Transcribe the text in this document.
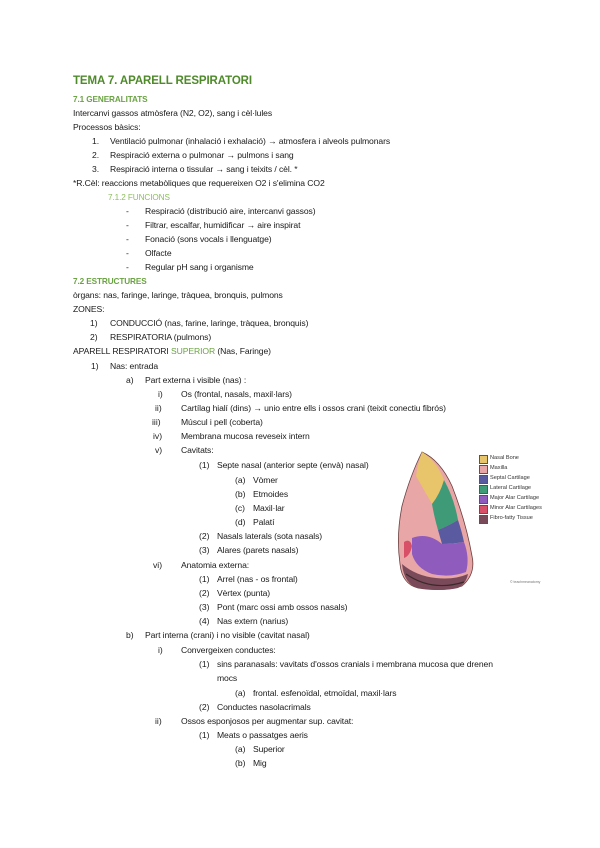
TEMA 7. APARELL RESPIRATORI
7.1 GENERALITATS
Intercanvi gassos atmòsfera (N2, O2), sang i cèl·lules
Processos bàsics:
1. Ventilació pulmonar (inhalació i exhalació) → atmosfera i alveols pulmonars
2. Respiració externa o pulmonar → pulmons i sang
3. Respiració interna o tissular → sang i teixits / cèl. *
*R.Cèl: reaccions metabòliques que requereixen O2 i s'elimina CO2
7.1.2 FUNCIONS
- Respiració (distribució aire, intercanvi gassos)
- Filtrar, escalfar, humidificar → aire inspirat
- Fonació (sons vocals i llenguatge)
- Olfacte
- Regular pH sang i organisme
7.2 ESTRUCTURES
òrgans: nas, faringe, laringe, tràquea, bronquis, pulmons
ZONES:
1) CONDUCCIÓ (nas, farine, laringe, tràquea, bronquis)
2) RESPIRATORIA (pulmons)
APARELL RESPIRATORI SUPERIOR (Nas, Faringe)
1) Nas: entrada
a) Part externa i visible (nas) :
i) Os (frontal, nasals, maxil·lars)
ii) Cartílag hialí (dins) → unio entre ells i ossos crani (teixit conectiu fibrós)
iii) Múscul i pell (coberta)
iv) Membrana mucosa reveseix intern
v) Cavitats:
(1) Septe nasal (anterior septe (envà) nasal)
(a) Vòmer
(b) Etmoides
(c) Maxil·lar
(d) Palatí
(2) Nasals laterals (sota nasals)
(3) Alares (parets nasals)
vi) Anatomia externa:
(1) Arrel (nas - os frontal)
(2) Vèrtex (punta)
(3) Pont (marc ossi amb ossos nasals)
(4) Nas extern (narius)
b) Part interna (crani) i no visible (cavitat nasal)
i) Convergeixen conductes:
(1) sins paranasals: vavitats d'ossos cranials i membrana mucosa que drenen
mocs
(a) frontal. esfenoïdal, etmoïdal, maxil·lars
(2) Conductes nasolacrimals
ii) Ossos esponjosos per augmentar sup. cavitat:
(1) Meats o passatges aeris
(a) Superior
(b) Mig
Nasal Bone
Maxilla
Septal Cartilage
Lateral Cartilage
Major Alar Cartilage
Minor Alar Cartilages
Fibro-fatty Tissue
© teachmeanatomy
